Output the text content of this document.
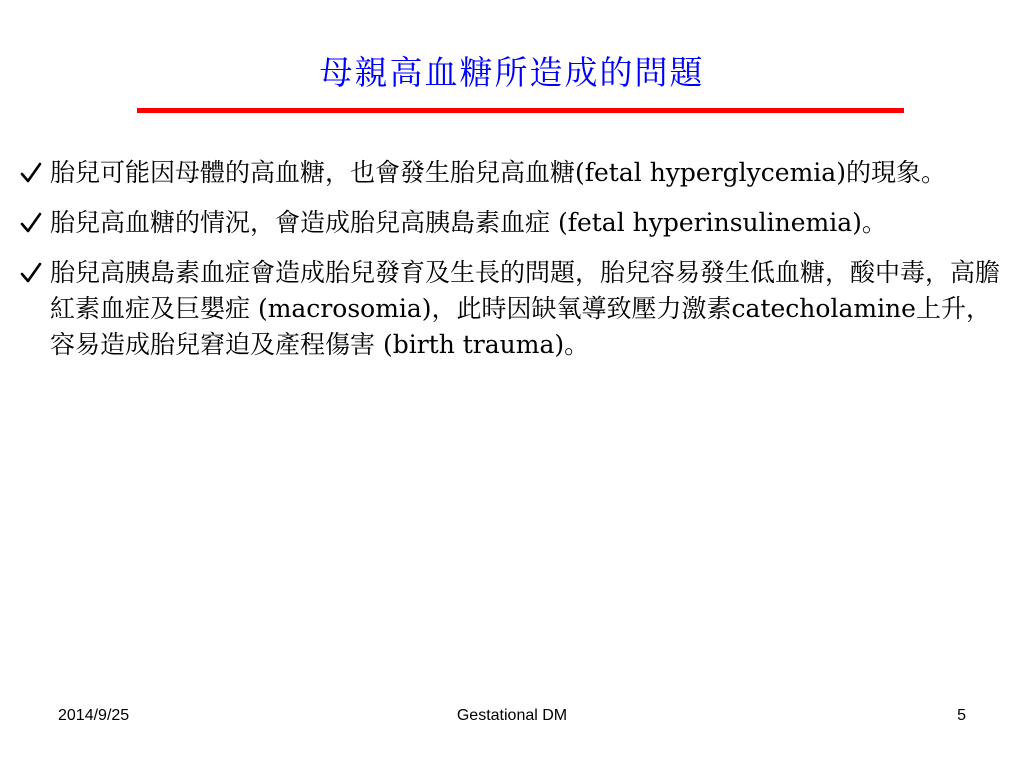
母親高血糖所造成的問題
胎兒可能因母體的高血糖，也會發生胎兒高血糖(fetal hyperglycemia)的現象。
胎兒高血糖的情況，會造成胎兒高胰島素血症 (fetal hyperinsulinemia)。
胎兒高胰島素血症會造成胎兒發育及生長的問題，胎兒容易發生低血糖，酸中毒，高膽紅素血症及巨嬰症 (macrosomia)，此時因缺氧導致壓力激素catecholamine上升，容易造成胎兒窘迫及產程傷害 (birth trauma)。
2014/9/25	Gestational DM	5
